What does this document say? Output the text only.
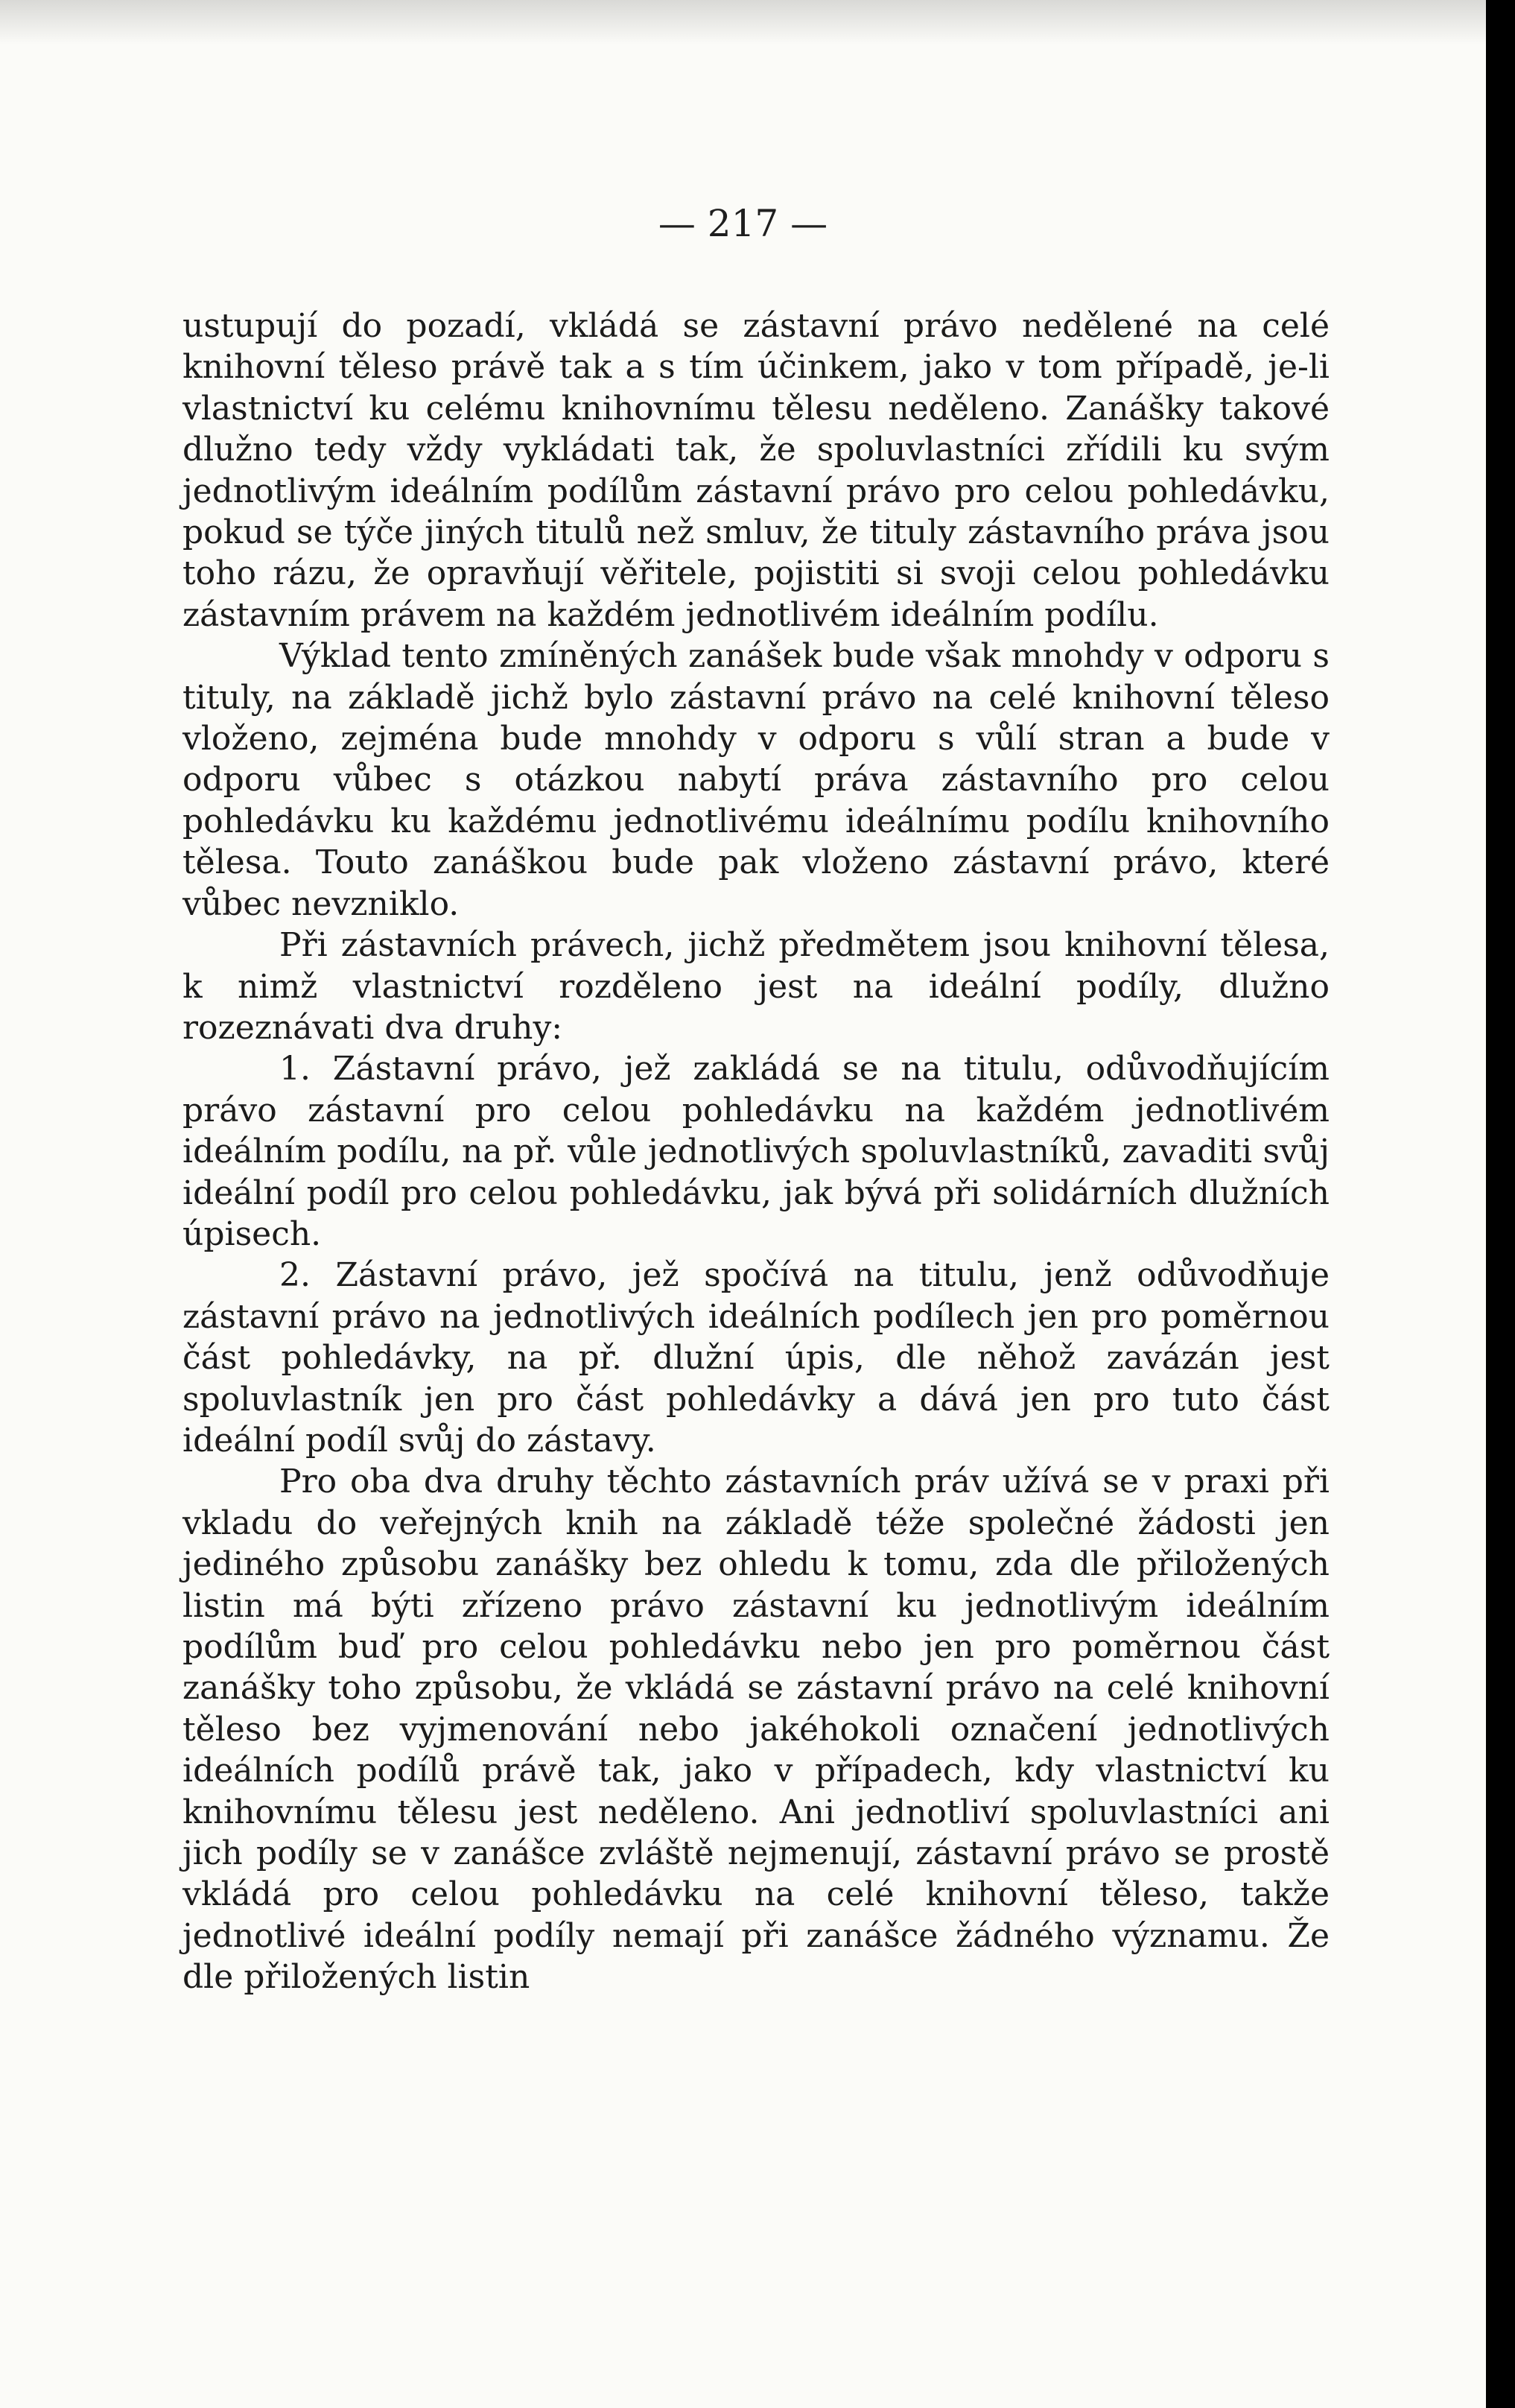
— 217 —

ustupují do pozadí, vkládá se zástavní právo nedělené na celé knihovní těleso právě tak a s tím účinkem, jako v tom případě, je-li vlastnictví ku celému knihovnímu tělesu neděleno. Zanášky takové dlužno tedy vždy vykládati tak, že spoluvlastníci zřídili ku svým jednotlivým ideálním podílům zástavní právo pro celou pohledávku, pokud se týče jiných titulů než smluv, že tituly zástavního práva jsou toho rázu, že opravňují věřitele, pojistiti si svoji celou pohledávku zástavním právem na každém jednotlivém ideálním podílu.

Výklad tento zmíněných zanášek bude však mnohdy v odporu s tituly, na základě jichž bylo zástavní právo na celé knihovní těleso vloženo, zejména bude mnohdy v odporu s vůlí stran a bude v odporu vůbec s otázkou nabytí práva zástavního pro celou pohledávku ku každému jednotlivému ideálnímu podílu knihovního tělesa. Touto zanáškou bude pak vloženo zástavní právo, které vůbec nevzniklo.

Při zástavních právech, jichž předmětem jsou knihovní tělesa, k nimž vlastnictví rozděleno jest na ideální podíly, dlužno rozeznávati dva druhy:

1. Zástavní právo, jež zakládá se na titulu, odůvodňujícím právo zástavní pro celou pohledávku na každém jednotlivém ideálním podílu, na př. vůle jednotlivých spoluvlastníků, zavaditi svůj ideální podíl pro celou pohledávku, jak bývá při solidárních dlužních úpisech.

2. Zástavní právo, jež spočívá na titulu, jenž odůvodňuje zástavní právo na jednotlivých ideálních podílech jen pro poměrnou část pohledávky, na př. dlužní úpis, dle něhož zavázán jest spoluvlastník jen pro část pohledávky a dává jen pro tuto část ideální podíl svůj do zástavy.

Pro oba dva druhy těchto zástavních práv užívá se v praxi při vkladu do veřejných knih na základě téže společné žádosti jen jediného způsobu zanášky bez ohledu k tomu, zda dle přiložených listin má býti zřízeno právo zástavní ku jednotlivým ideálním podílům buď pro celou pohledávku nebo jen pro poměrnou část zanášky toho způsobu, že vkládá se zástavní právo na celé knihovní těleso bez vyjmenování nebo jakéhokoli označení jednotlivých ideálních podílů právě tak, jako v případech, kdy vlastnictví ku knihovnímu tělesu jest neděleno. Ani jednotliví spoluvlastníci ani jich podíly se v zanášce zvláště nejmenují, zástavní právo se prostě vkládá pro celou pohledávku na celé knihovní těleso, takže jednotlivé ideální podíly nemají při zanášce žádného významu. Že dle přiložených listin
